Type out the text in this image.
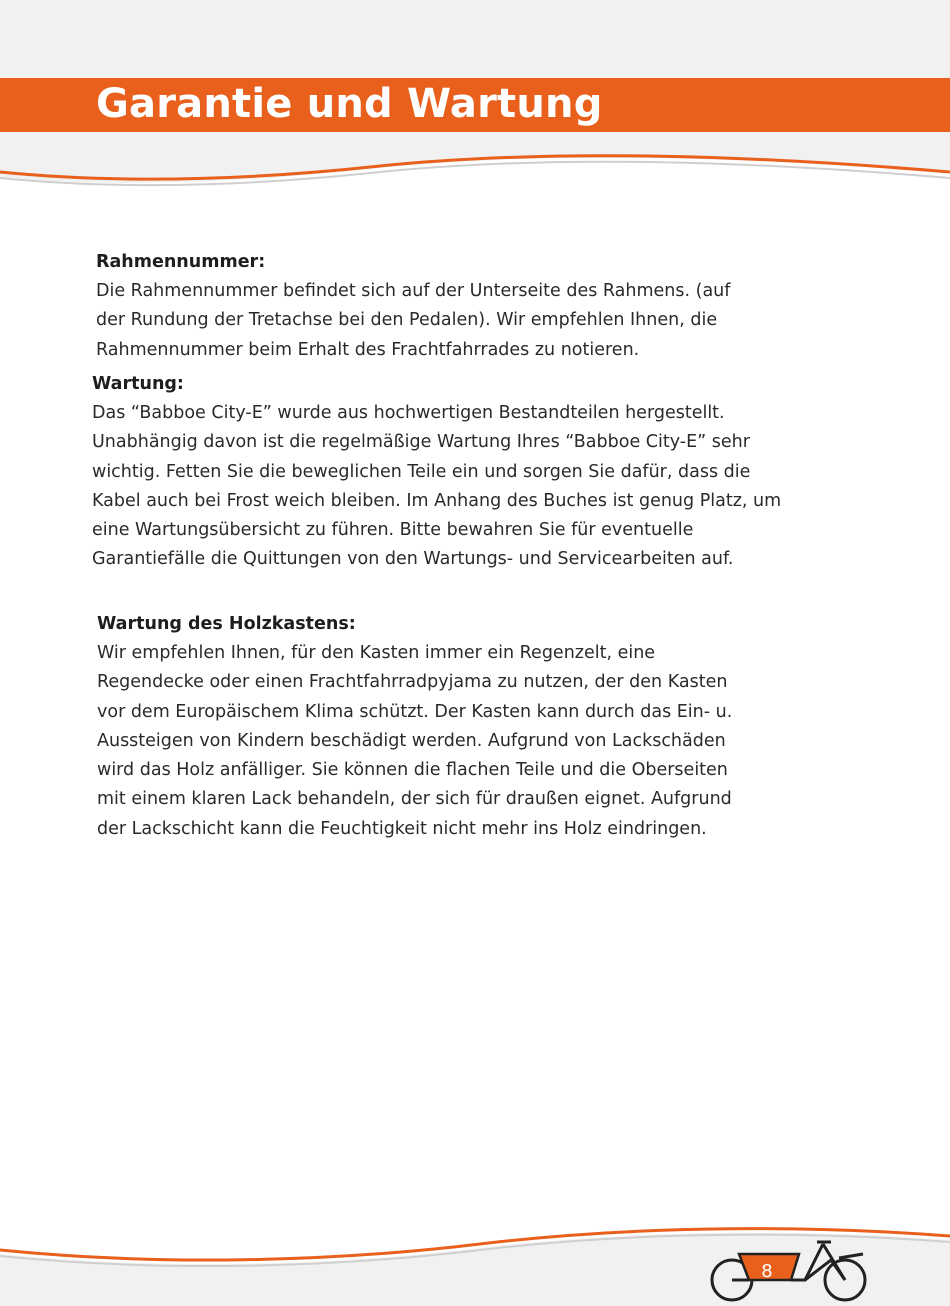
Garantie und Wartung
Rahmennummer:

Die Rahmennummer befindet sich auf der Unterseite des Rahmens. (auf
der Rundung der Tretachse bei den Pedalen). Wir empfehlen Ihnen, die
Rahmennummer beim Erhalt des Frachtfahrrades zu notieren.

Wartung:

Das “Babboe City-E” wurde aus hochwertigen Bestandteilen hergestellt.
Unabhängig davon ist die regelmäßige Wartung Ihres “Babboe City-E” sehr
wichtig. Fetten Sie die beweglichen Teile ein und sorgen Sie dafür, dass die
Kabel auch bei Frost weich bleiben. Im Anhang des Buches ist genug Platz, um
eine Wartungsübersicht zu führen. Bitte bewahren Sie für eventuelle
Garantiefälle die Quittungen von den Wartungs- und Servicearbeiten auf.

Wartung des Holzkastens:

Wir empfehlen Ihnen, für den Kasten immer ein Regenzelt, eine
Regendecke oder einen Frachtfahrradpyjama zu nutzen, der den Kasten
vor dem Europäischem Klima schützt. Der Kasten kann durch das Ein- u.
Aussteigen von Kindern beschädigt werden. Aufgrund von Lackschäden
wird das Holz anfälliger. Sie können die flachen Teile und die Oberseiten
mit einem klaren Lack behandeln, der sich für draußen eignet. Aufgrund
der Lackschicht kann die Feuchtigkeit nicht mehr ins Holz eindringen.

8
